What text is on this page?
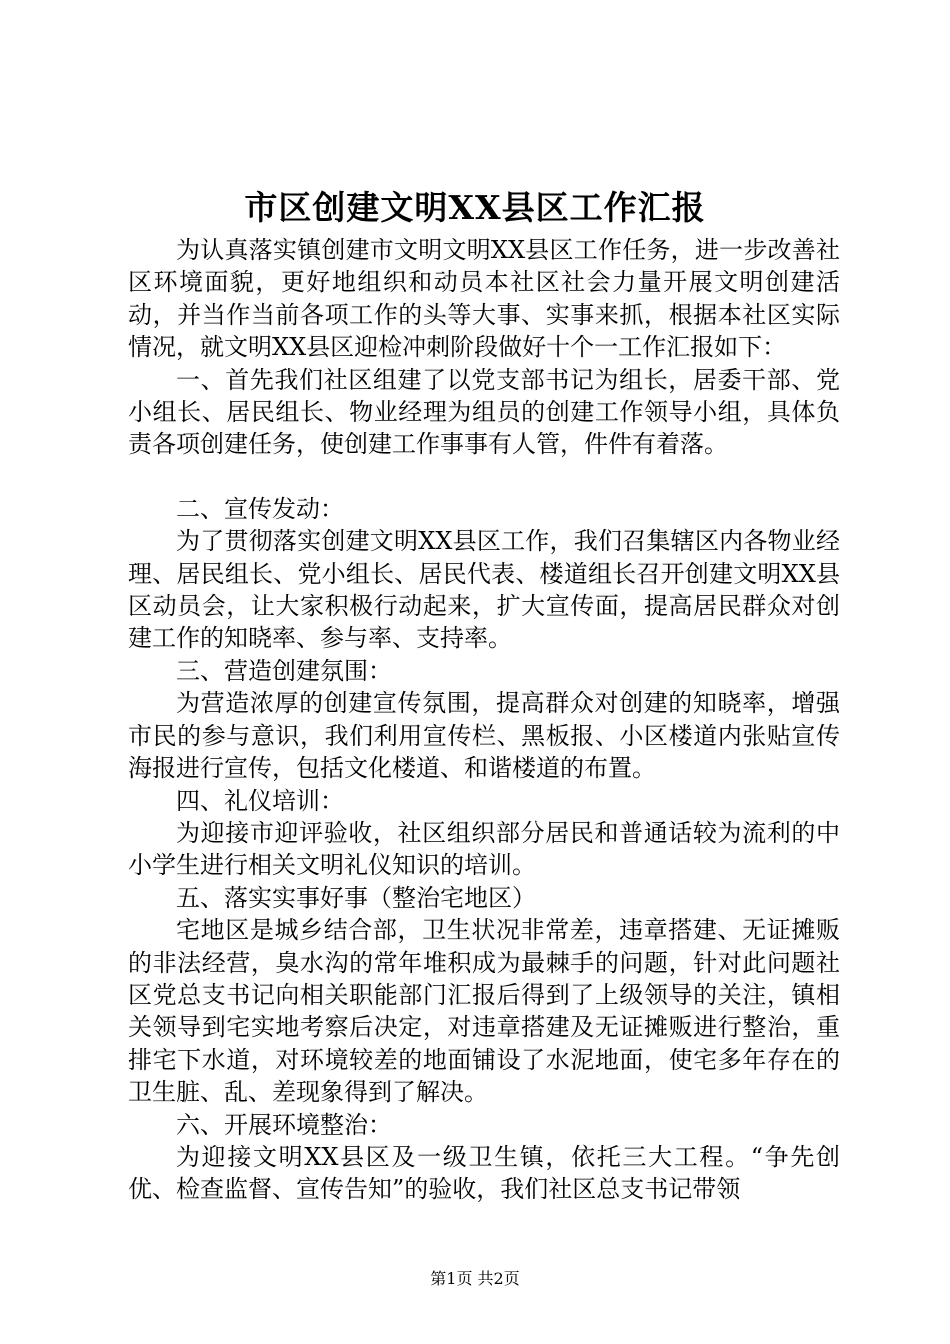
市区创建文明XX县区工作汇报

为认真落实镇创建市文明文明XX县区工作任务，进一步改善社区环境面貌，更好地组织和动员本社区社会力量开展文明创建活动，并当作当前各项工作的头等大事、实事来抓，根据本社区实际情况，就文明XX县区迎检冲刺阶段做好十个一工作汇报如下：

一、首先我们社区组建了以党支部书记为组长，居委干部、党小组长、居民组长、物业经理为组员的创建工作领导小组，具体负责各项创建任务，使创建工作事事有人管，件件有着落。

二、宣传发动：

为了贯彻落实创建文明XX县区工作，我们召集辖区内各物业经理、居民组长、党小组长、居民代表、楼道组长召开创建文明XX县区动员会，让大家积极行动起来，扩大宣传面，提高居民群众对创建工作的知晓率、参与率、支持率。

三、营造创建氛围：

为营造浓厚的创建宣传氛围，提高群众对创建的知晓率，增强市民的参与意识，我们利用宣传栏、黑板报、小区楼道内张贴宣传海报进行宣传，包括文化楼道、和谐楼道的布置。

四、礼仪培训：

为迎接市迎评验收，社区组织部分居民和普通话较为流利的中小学生进行相关文明礼仪知识的培训。

五、落实实事好事（整治宅地区）

宅地区是城乡结合部，卫生状况非常差，违章搭建、无证摊贩的非法经营，臭水沟的常年堆积成为最棘手的问题，针对此问题社区党总支书记向相关职能部门汇报后得到了上级领导的关注，镇相关领导到宅实地考察后决定，对违章搭建及无证摊贩进行整治，重排宅下水道，对环境较差的地面铺设了水泥地面，使宅多年存在的卫生脏、乱、差现象得到了解决。

六、开展环境整治：

为迎接文明XX县区及一级卫生镇，依托三大工程。“争先创优、检查监督、宣传告知”的验收，我们社区总支书记带领

第1页 共2页
